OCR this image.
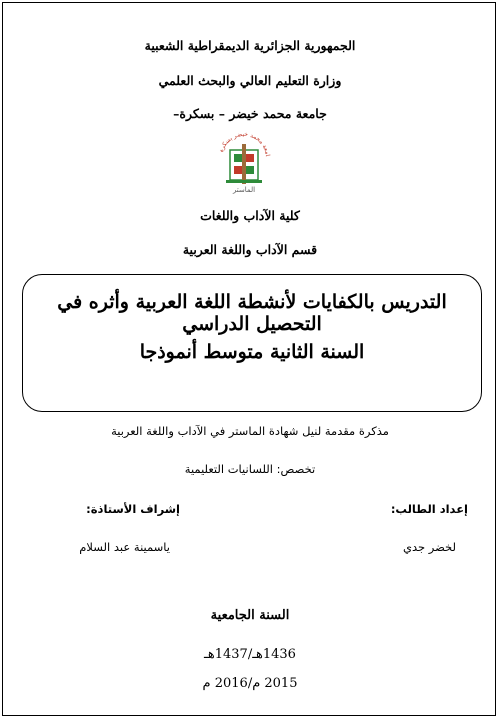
الجمهورية الجزائرية الديمقراطية الشعبية
وزارة التعليم العالي والبحث العلمي
جامعة محمد خيضر – بسكرة–
امعة محمد خيضر بسكرة
الماستر
كلية الآداب واللغات
قسم الآداب واللغة العربية
التدريس بالكفايات لأنشطة اللغة العربية وأثره في التحصيل الدراسي
السنة الثانية متوسط أنموذجا
مذكرة مقدمة لنيل شهادة الماستر في الآداب واللغة العربية
تخصص: اللسانيات التعليمية
إعداد الطالب:
إشراف الأستاذة:
لخضر جدي
ياسمينة عبد السلام
السنة الجامعية
1436هـ/1437هـ
2015 م/2016 م
